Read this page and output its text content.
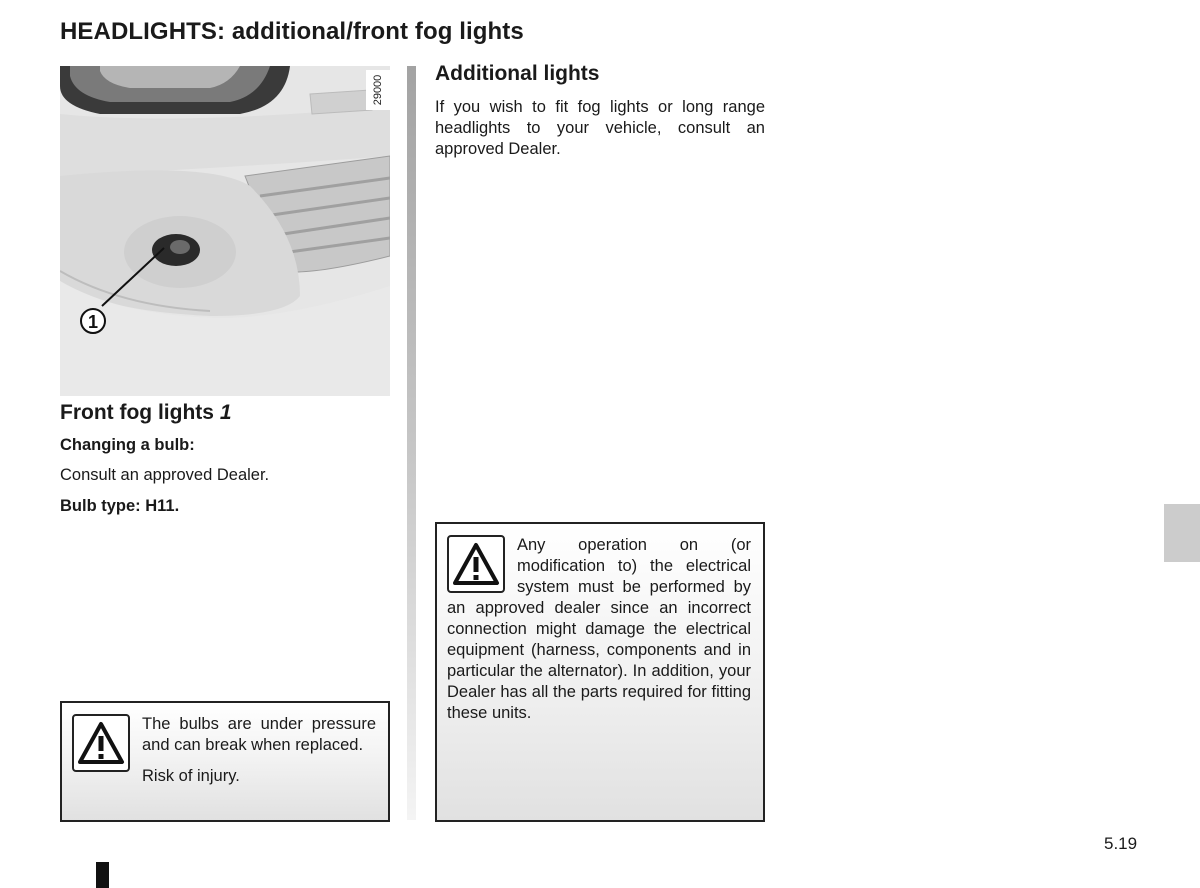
HEADLIGHTS: additional/front fog lights
1
29000
Front fog lights 1
Changing a bulb:
Consult an approved Dealer.
Bulb type: H11.

The bulbs are under pressure and can break when replaced.

Risk of injury.

Additional lights
If you wish to fit fog lights or long range headlights to your vehicle, consult an approved Dealer.

Any operation on (or modification to) the electrical system must be performed by an approved dealer since an incorrect connection might damage the electrical equipment (harness, components and in particular the alternator). In addition, your Dealer has all the parts required for fitting these units.

5.19
